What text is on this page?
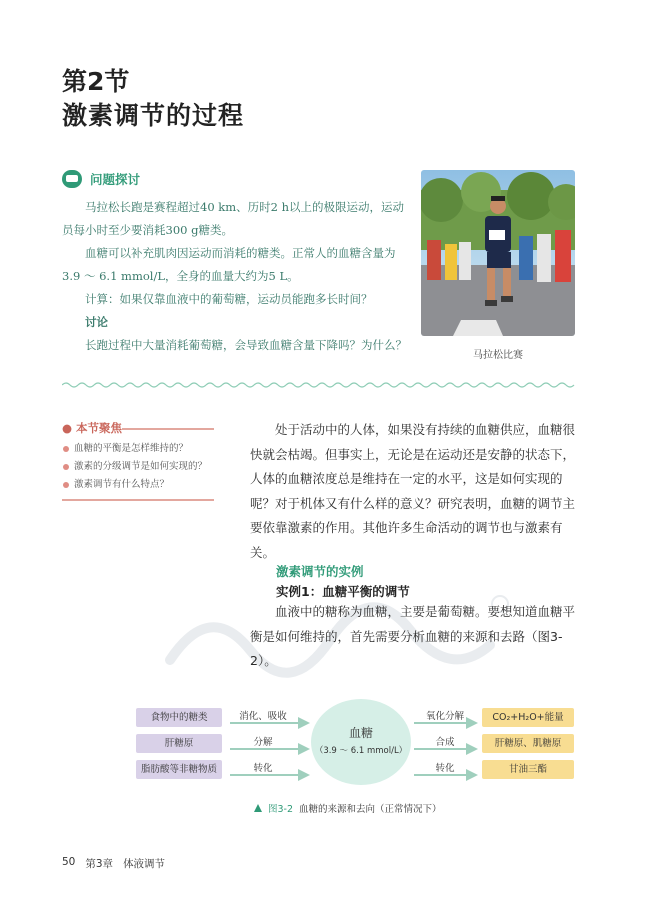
第2节
激素调节的过程
问题探讨

马拉松长跑是赛程超过40 km、历时2 h以上的极限运动，运动员每小时至少要消耗300 g糖类。

血糖可以补充肌肉因运动而消耗的糖类。正常人的血糖含量为3.9 ～ 6.1 mmol/L，全身的血量大约为5 L。

计算：如果仅靠血液中的葡萄糖，运动员能跑多长时间？

讨论

长跑过程中大量消耗葡萄糖，会导致血糖含量下降吗？为什么？

马拉松比赛
● 本节聚焦
血糖的平衡是怎样维持的？
激素的分级调节是如何实现的？
激素调节有什么特点？

处于活动中的人体，如果没有持续的血糖供应，血糖很快就会枯竭。但事实上，无论是在运动还是安静的状态下，人体的血糖浓度总是维持在一定的水平，这是如何实现的呢？对于机体又有什么样的意义？研究表明，血糖的调节主要依靠激素的作用。其他许多生命活动的调节也与激素有关。

激素调节的实例
实例1：血糖平衡的调节

血液中的糖称为血糖，主要是葡萄糖。要想知道血糖平衡是如何维持的，首先需要分析血糖的来源和去路（图3-2）。

食物中的糖类
肝糖原
脂肪酸等非糖物质
消化、吸收
分解
转化
血糖
（3.9 ～ 6.1 mmol/L）
氧化分解
合成
转化
CO₂+H₂O+能量
肝糖原、肌糖原
甘油三酯
图3-2 血糖的来源和去向（正常情况下）
50 第3章 体液调节
